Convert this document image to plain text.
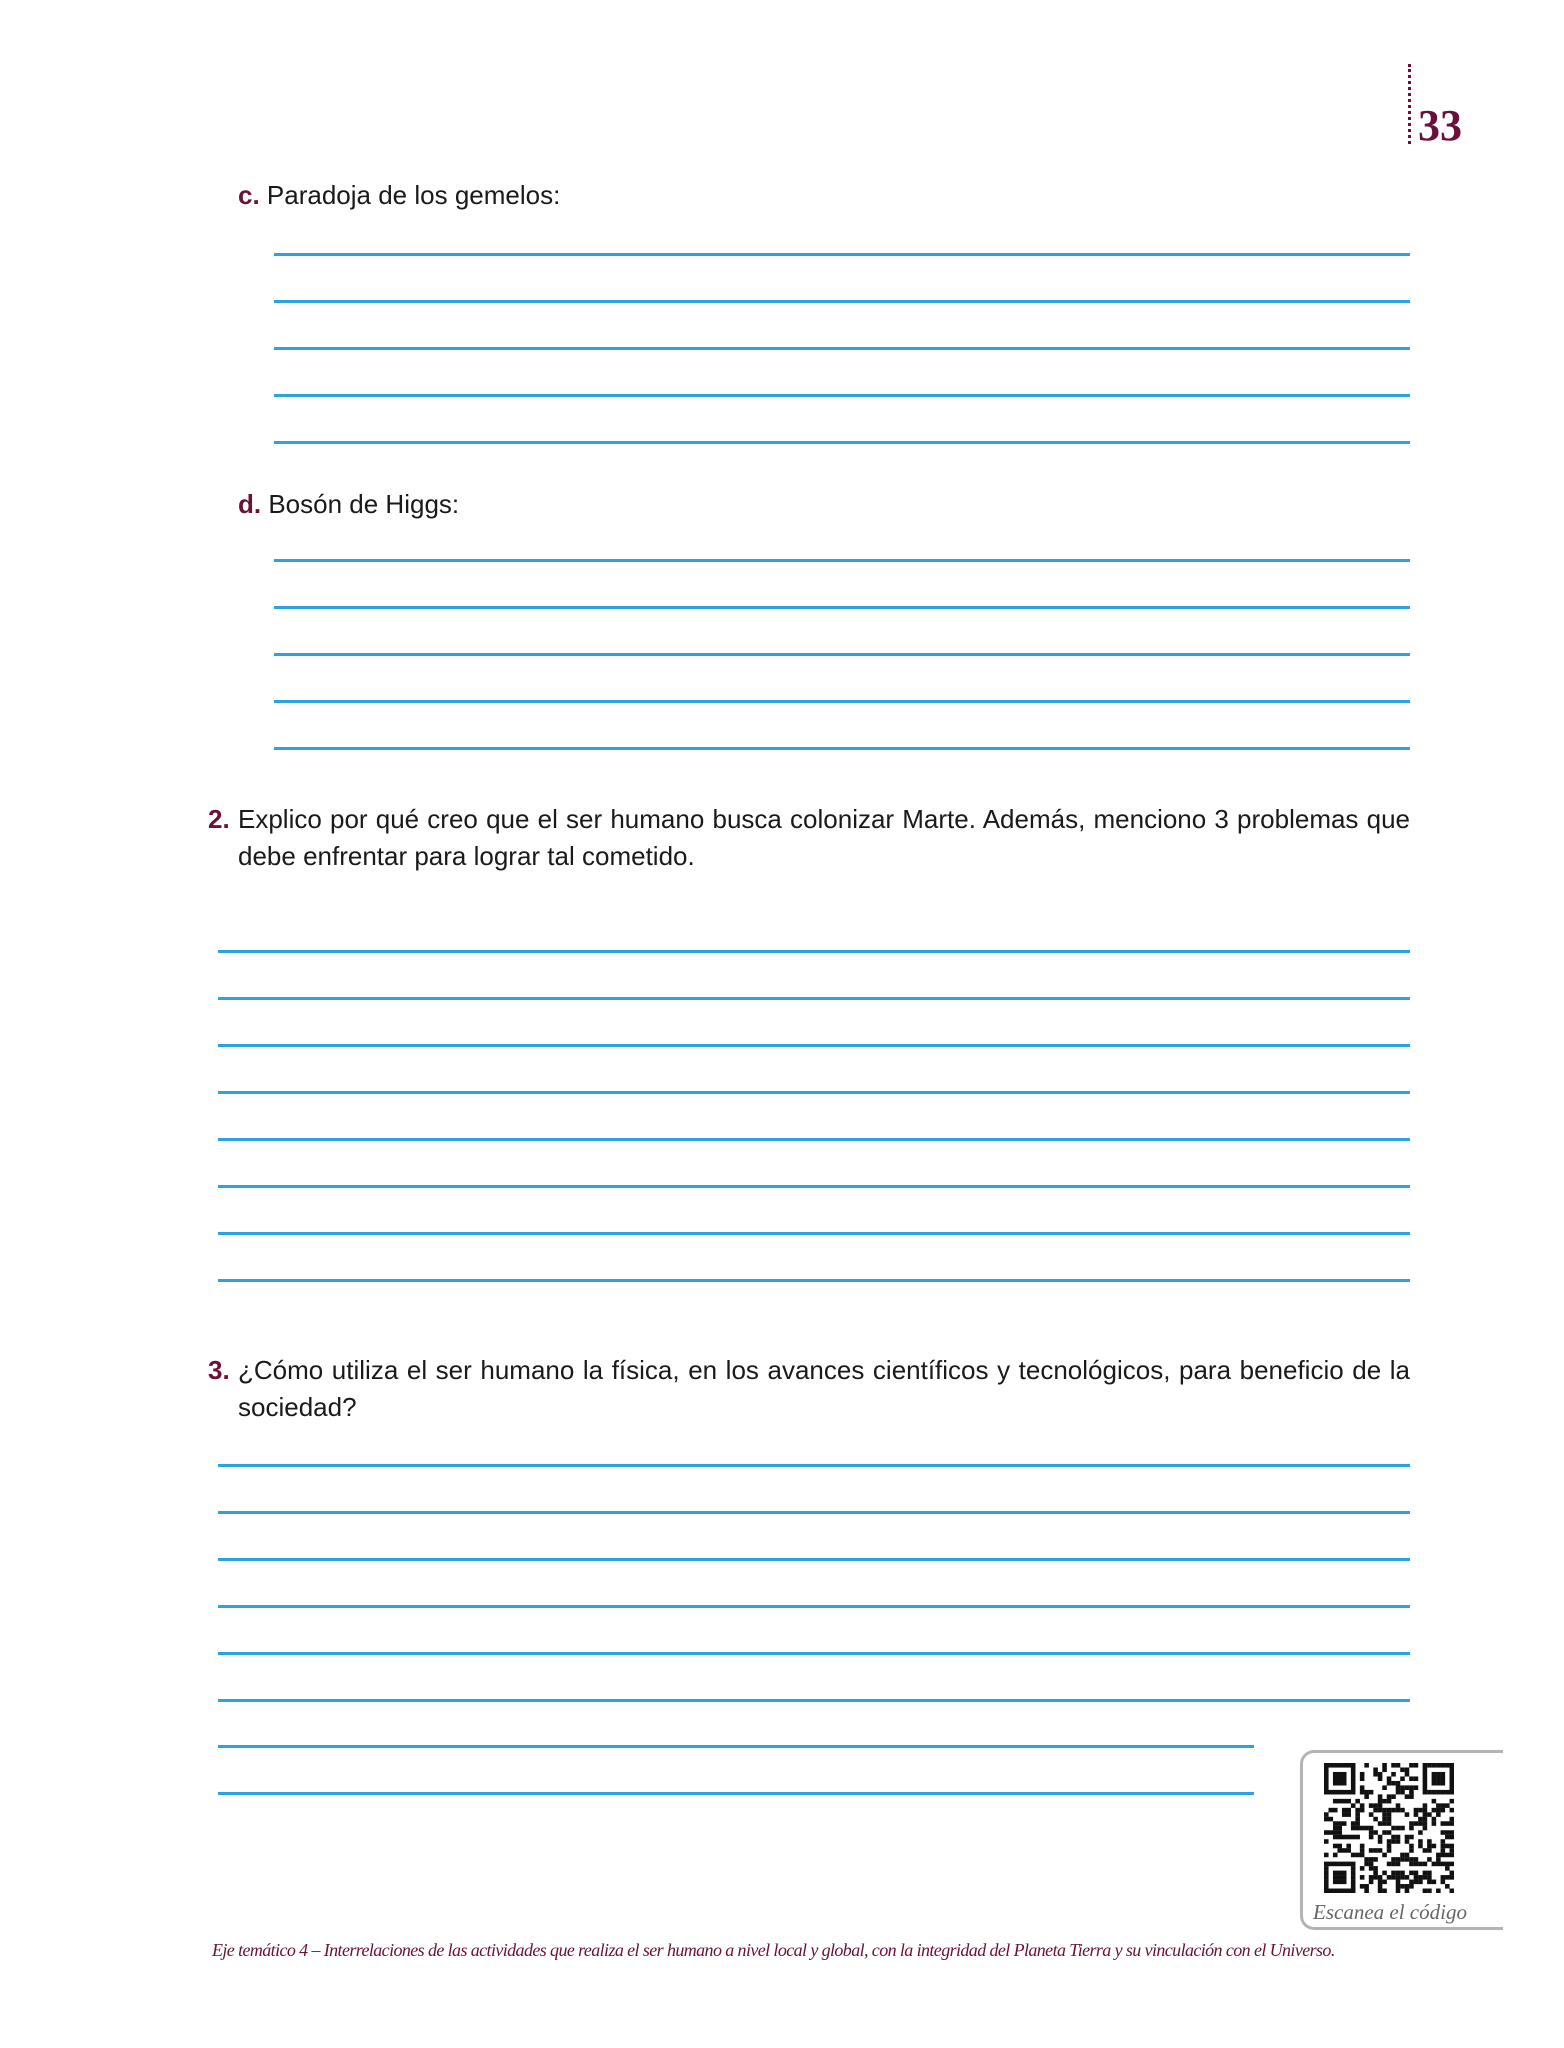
33
c. Paradoja de los gemelos:
d. Bosón de Higgs:
2. Explico por qué creo que el ser humano busca colonizar Marte. Además, menciono 3 problemas que debe enfrentar para lograr tal cometido.
3. ¿Cómo utiliza el ser humano la física, en los avances científicos y tecnológicos, para beneficio de la sociedad?
Escanea el código
Eje temático 4 – Interrelaciones de las actividades que realiza el ser humano a nivel local y global, con la integridad del Planeta Tierra y su vinculación con el Universo.
